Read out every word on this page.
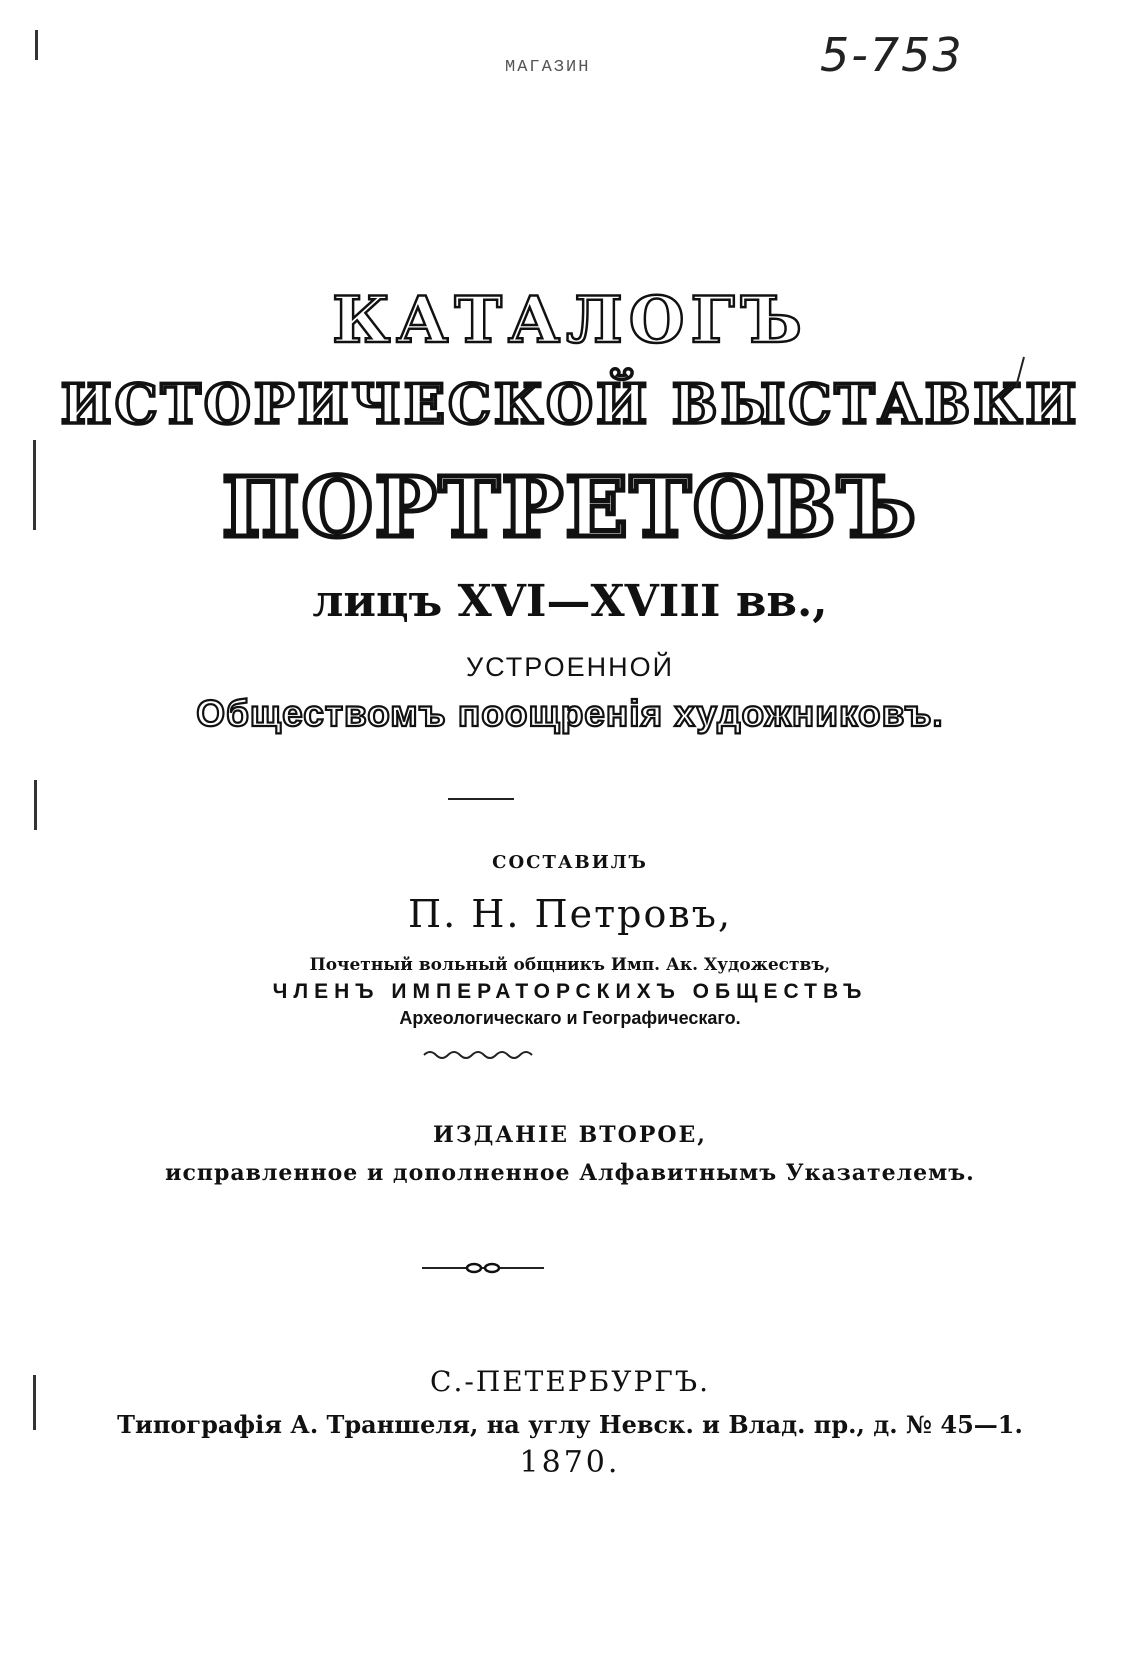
МАГАЗИН	5-753
КАТАЛОГЪ
ИСТОРИЧЕСКОЙ ВЫСТАВКИ
ПОРТРЕТОВЪ
лицъ XVI—XVIII вв.,
УСТРОЕННОЙ
Обществомъ поощренія художниковъ.
СОСТАВИЛЪ
П. Н. Петровъ,
Почетный вольный общникъ Имп. Ак. Художествъ,
ЧЛЕНЪ ИМПЕРАТОРСКИХЪ ОБЩЕСТВЪ
Археологическаго и Географическаго.
ИЗДАНІЕ ВТОРОЕ,
исправленное и дополненное Алфавитнымъ Указателемъ.
С.-ПЕТЕРБУРГЪ.
Типографія А. Траншеля, на углу Невск. и Влад. пр., д. № 45—1.
1870.
